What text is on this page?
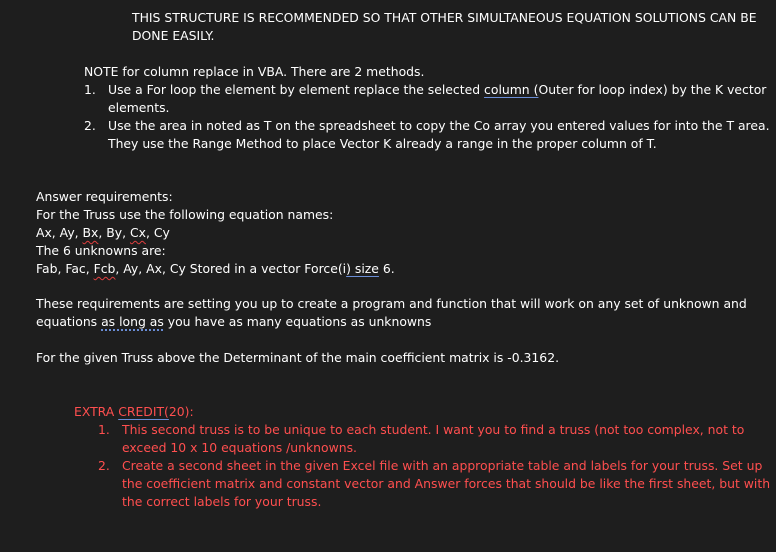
THIS STRUCTURE IS RECOMMENDED SO THAT OTHER SIMULTANEOUS EQUATION SOLUTIONS CAN BE
DONE EASILY.
NOTE for column replace in VBA. There are 2 methods.
1. Use a For loop the element by element replace the selected column (Outer for loop index) by the K vector
elements.
2. Use the area in noted as T on the spreadsheet to copy the Co array you entered values for into the T area.
They use the Range Method to place Vector K already a range in the proper column of T.
Answer requirements:
For the Truss use the following equation names:
Ax, Ay, Bx, By, Cx, Cy
The 6 unknowns are:
Fab, Fac, Fcb, Ay, Ax, Cy Stored in a vector Force(i) size 6.
These requirements are setting you up to create a program and function that will work on any set of unknown and
equations as long as you have as many equations as unknowns
For the given Truss above the Determinant of the main coefficient matrix is -0.3162.
EXTRA CREDIT(20):
1. This second truss is to be unique to each student. I want you to find a truss (not too complex, not to
exceed 10 x 10 equations /unknowns.
2. Create a second sheet in the given Excel file with an appropriate table and labels for your truss. Set up
the coefficient matrix and constant vector and Answer forces that should be like the first sheet, but with
the correct labels for your truss.
